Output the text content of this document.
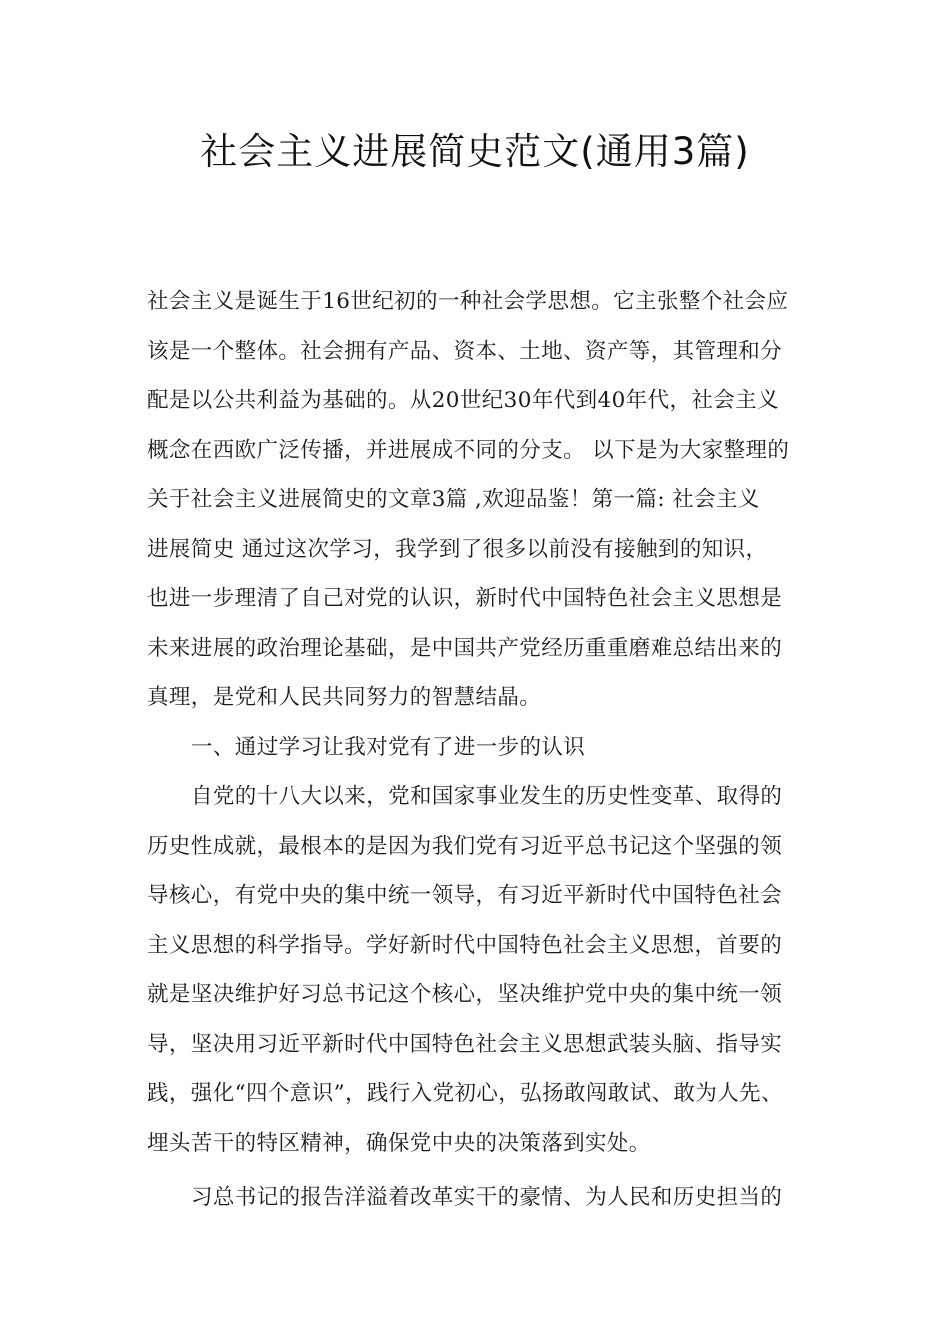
社会主义进展简史范文(通用3篇)
社会主义是诞生于16世纪初的一种社会学思想。它主张整个社会应
该是一个整体。社会拥有产品、资本、土地、资产等，其管理和分
配是以公共利益为基础的。从20世纪30年代到40年代，社会主义
概念在西欧广泛传播，并进展成不同的分支。 以下是为大家整理的
关于社会主义进展简史的文章3篇 ,欢迎品鉴！第一篇: 社会主义
进展简史 通过这次学习，我学到了很多以前没有接触到的知识，
也进一步理清了自己对党的认识，新时代中国特色社会主义思想是
未来进展的政治理论基础，是中国共产党经历重重磨难总结出来的
真理，是党和人民共同努力的智慧结晶。
一、通过学习让我对党有了进一步的认识
自党的十八大以来，党和国家事业发生的历史性变革、取得的
历史性成就，最根本的是因为我们党有习近平总书记这个坚强的领
导核心，有党中央的集中统一领导，有习近平新时代中国特色社会
主义思想的科学指导。学好新时代中国特色社会主义思想，首要的
就是坚决维护好习总书记这个核心，坚决维护党中央的集中统一领
导，坚决用习近平新时代中国特色社会主义思想武装头脑、指导实
践，强化“四个意识”，践行入党初心，弘扬敢闯敢试、敢为人先、
埋头苦干的特区精神，确保党中央的决策落到实处。
习总书记的报告洋溢着改革实干的豪情、为人民和历史担当的
